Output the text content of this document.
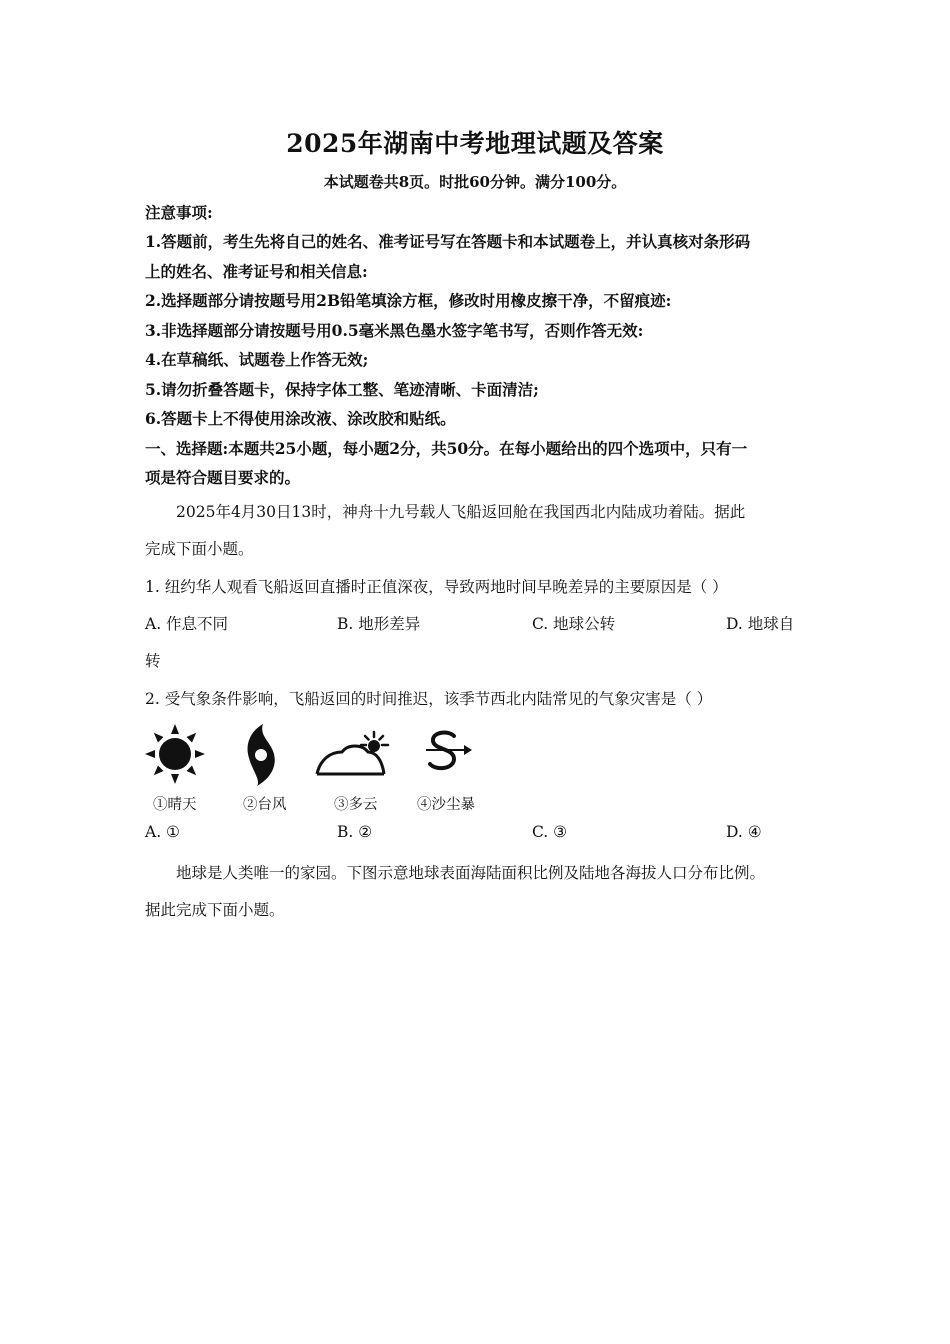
2025年湖南中考地理试题及答案
本试题卷共8页。时批60分钟。满分100分。
注意事项:
1.答题前，考生先将自己的姓名、准考证号写在答题卡和本试题卷上，并认真核对条形码
上的姓名、准考证号和相关信息:
2.选择题部分请按题号用2B铅笔填涂方框，修改时用橡皮擦干净，不留痕迹:
3.非选择题部分请按题号用0.5毫米黑色墨水签字笔书写，否则作答无效:
4.在草稿纸、试题卷上作答无效;
5.请勿折叠答题卡，保持字体工整、笔迹清晰、卡面清洁;
6.答题卡上不得使用涂改液、涂改胶和贴纸。
一、选择题:本题共25小题，每小题2分，共50分。在每小题给出的四个选项中，只有一
项是符合题目要求的。
2025年4月30日13时，神舟十九号载人飞船返回舱在我国西北内陆成功着陆。据此
完成下面小题。
1. 纽约华人观看飞船返回直播时正值深夜，导致两地时间早晚差异的主要原因是（ ）
A. 作息不同	B. 地形差异	C. 地球公转	D. 地球自
转
2. 受气象条件影响，飞船返回的时间推迟，该季节西北内陆常见的气象灾害是（ ）
①晴天	②台风	③多云	④沙尘暴
A. ①	B. ②	C. ③	D. ④
地球是人类唯一的家园。下图示意地球表面海陆面积比例及陆地各海拔人口分布比例。
据此完成下面小题。
